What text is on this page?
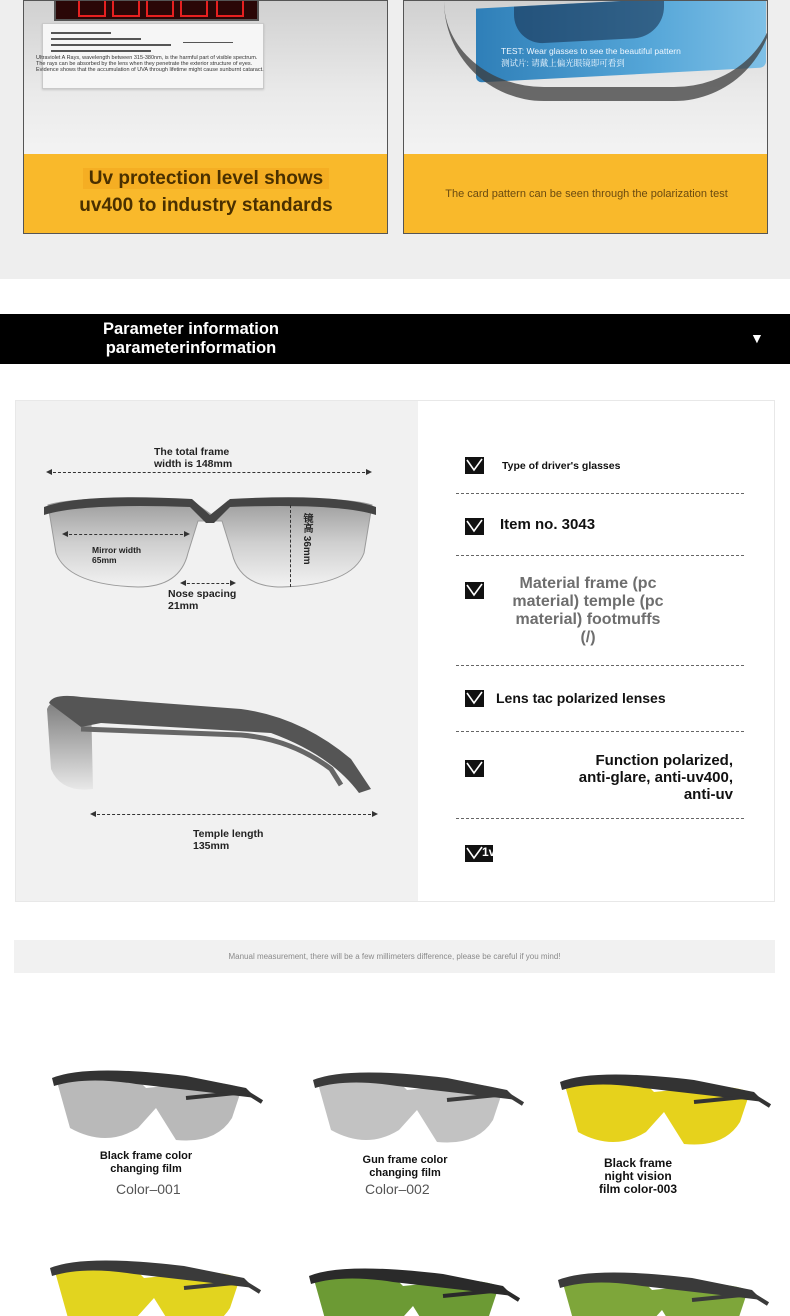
Ultraviolet A Rays, wavelength between 315-380nm, is the harmful part of visible spectrum. The rays can be absorbed by the lens when they penetrate the exterior structure of eyes. Evidence shows that the accumulation of UVA through lifetime might cause sunburnt cataract.
Uv protection level shows
uv400 to industry standards
TEST: Wear glasses to see the beautiful pattern
测试片: 请戴上偏光眼镜即可看到
The card pattern can be seen through the polarization test
Parameter information
parameterinformation
▼
The total frame
width is 148mm
Mirror width
65mm	镜高 36mm
Nose spacing
21mm
Temple length
135mm
Type of driver's glasses
Item no. 3043
Material frame (pc
material) temple (pc
material) footmuffs
(/)
Lens tac polarized lenses
Function polarized,
anti-glare, anti-uv400,
anti-uv
1v
Manual measurement, there will be a few millimeters difference, please be careful if you mind!
Black frame color
changing film
Color–001
Gun frame color
changing film
Color–002
Black frame
night vision
film color-003
